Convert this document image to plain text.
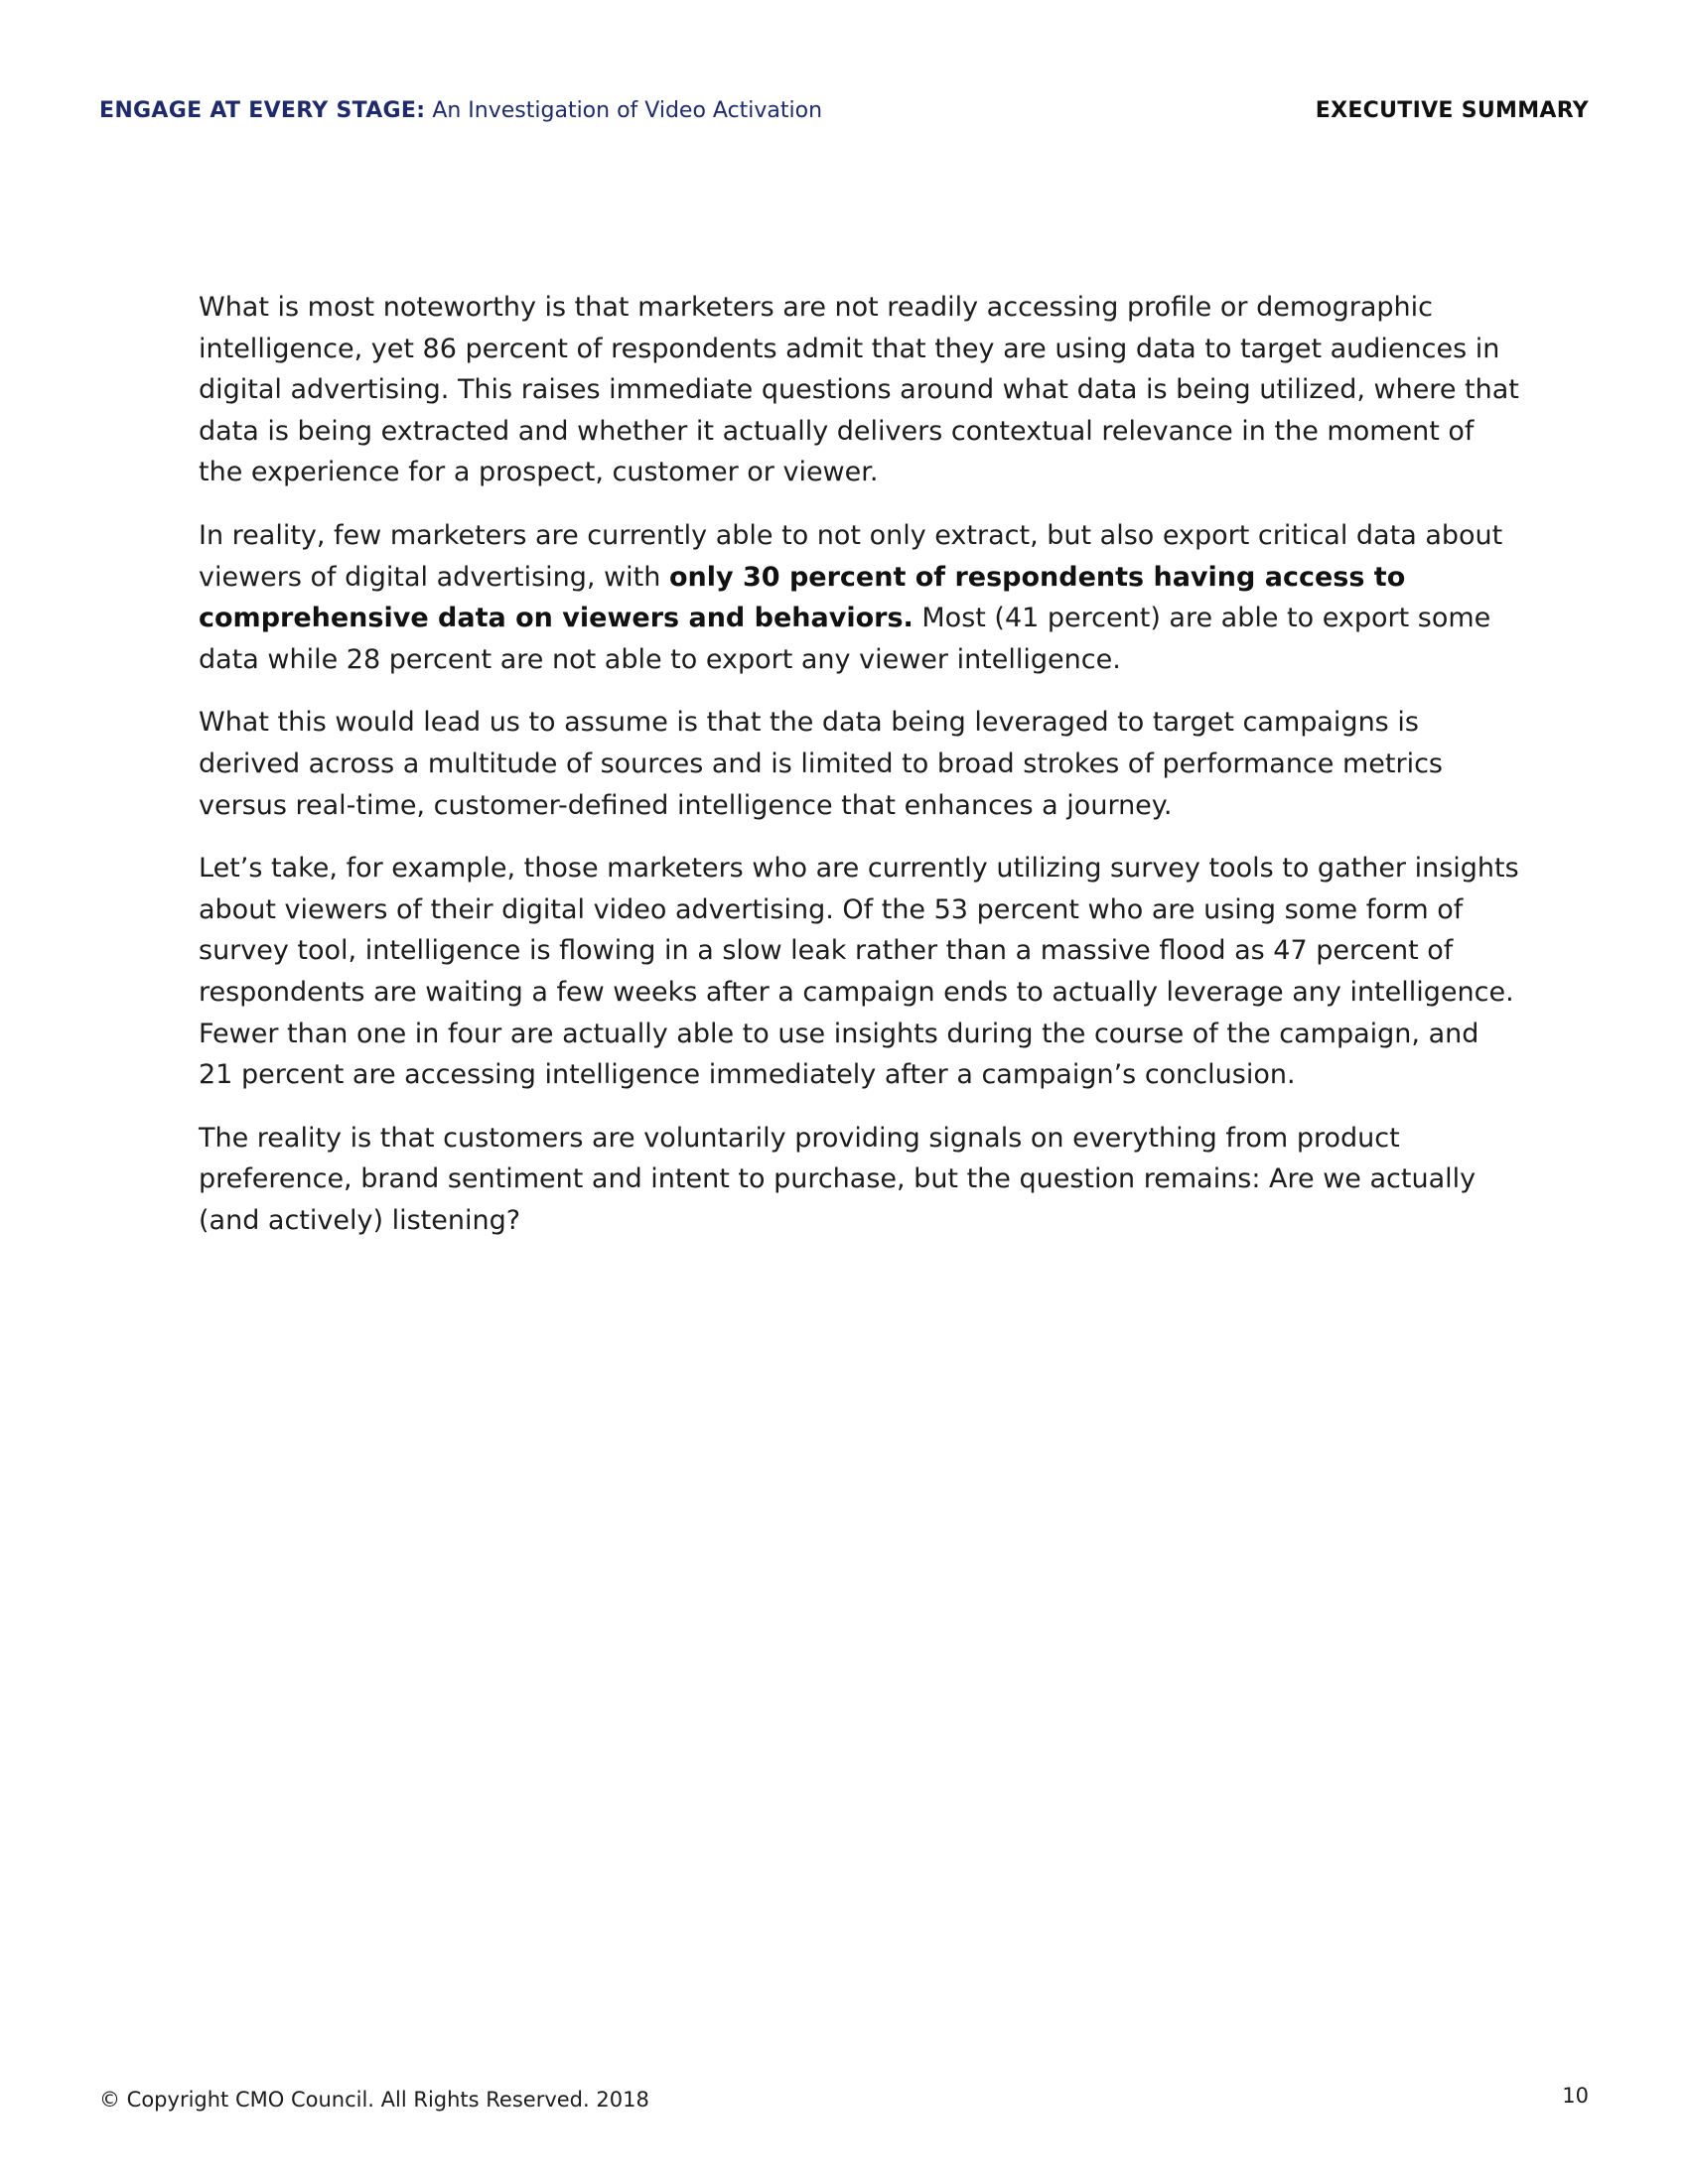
ENGAGE AT EVERY STAGE: An Investigation of Video Activation	EXECUTIVE SUMMARY

What is most noteworthy is that marketers are not readily accessing profile or demographic intelligence, yet 86 percent of respondents admit that they are using data to target audiences in digital advertising. This raises immediate questions around what data is being utilized, where that data is being extracted and whether it actually delivers contextual relevance in the moment of the experience for a prospect, customer or viewer.

In reality, few marketers are currently able to not only extract, but also export critical data about viewers of digital advertising, with only 30 percent of respondents having access to comprehensive data on viewers and behaviors. Most (41 percent) are able to export some data while 28 percent are not able to export any viewer intelligence.

What this would lead us to assume is that the data being leveraged to target campaigns is derived across a multitude of sources and is limited to broad strokes of performance metrics versus real-time, customer-defined intelligence that enhances a journey.

Let’s take, for example, those marketers who are currently utilizing survey tools to gather insights about viewers of their digital video advertising. Of the 53 percent who are using some form of survey tool, intelligence is flowing in a slow leak rather than a massive flood as 47 percent of respondents are waiting a few weeks after a campaign ends to actually leverage any intelligence. Fewer than one in four are actually able to use insights during the course of the campaign, and 21 percent are accessing intelligence immediately after a campaign’s conclusion.

The reality is that customers are voluntarily providing signals on everything from product preference, brand sentiment and intent to purchase, but the question remains: Are we actually (and actively) listening?

© Copyright CMO Council. All Rights Reserved. 2018	10
